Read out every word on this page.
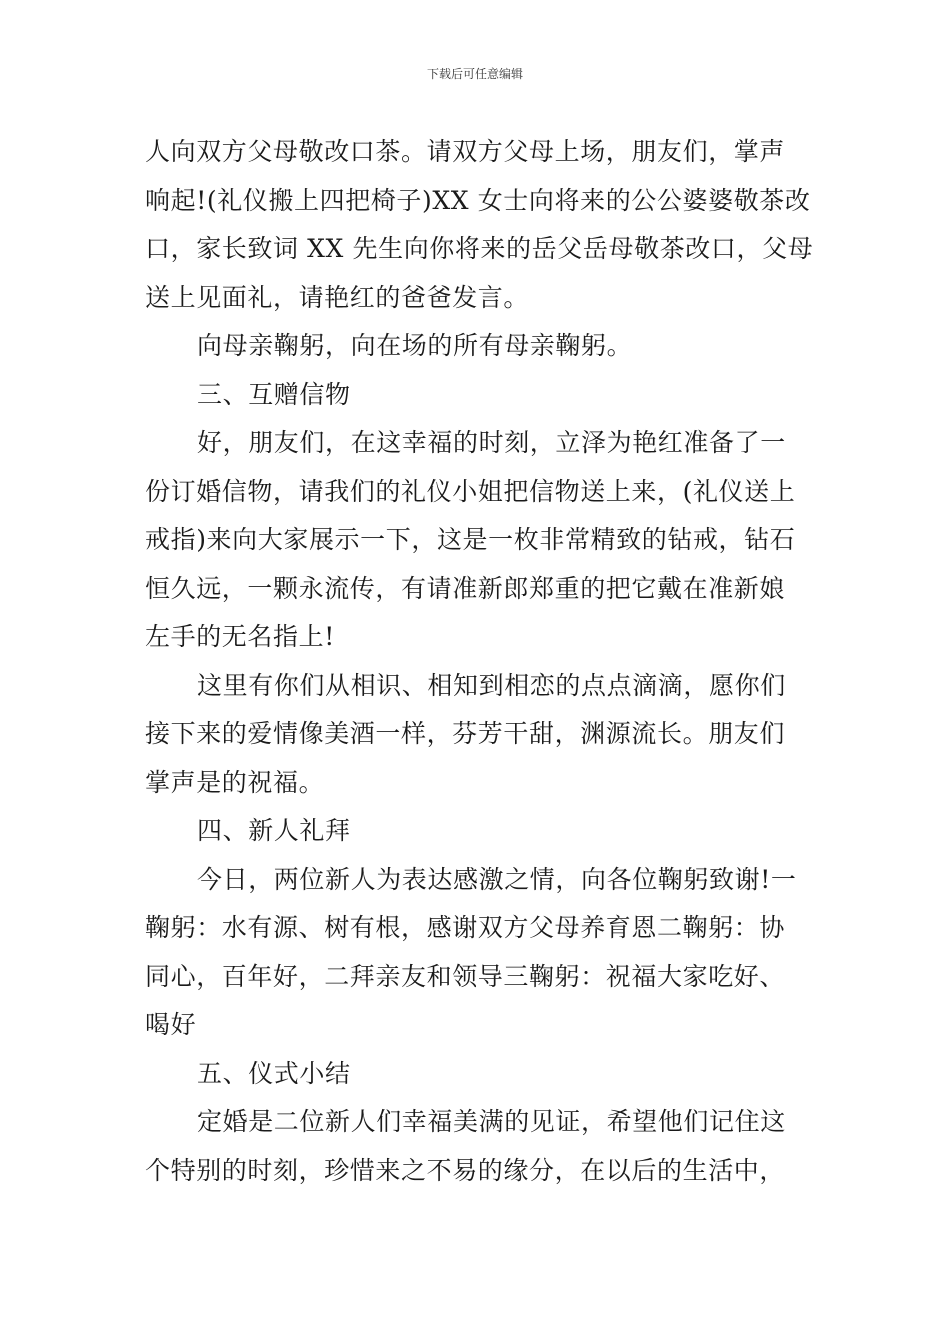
下载后可任意编辑

人向双方父母敬改口茶。请双方父母上场，朋友们，掌声
响起!(礼仪搬上四把椅子)XX 女士向将来的公公婆婆敬茶改
口，家长致词 XX 先生向你将来的岳父岳母敬茶改口，父母
送上见面礼，请艳红的爸爸发言。

向母亲鞠躬，向在场的所有母亲鞠躬。

三、互赠信物

好，朋友们，在这幸福的时刻，立泽为艳红准备了一
份订婚信物，请我们的礼仪小姐把信物送上来，(礼仪送上
戒指)来向大家展示一下，这是一枚非常精致的钻戒，钻石
恒久远，一颗永流传，有请准新郎郑重的把它戴在准新娘
左手的无名指上!

这里有你们从相识、相知到相恋的点点滴滴，愿你们
接下来的爱情像美酒一样，芬芳干甜，渊源流长。朋友们
掌声是的祝福。

四、新人礼拜

今日，两位新人为表达感激之情，向各位鞠躬致谢!一
鞠躬：水有源、树有根，感谢双方父母养育恩二鞠躬：协
同心，百年好，二拜亲友和领导三鞠躬：祝福大家吃好、
喝好

五、仪式小结

定婚是二位新人们幸福美满的见证，希望他们记住这
个特别的时刻，珍惜来之不易的缘分，在以后的生活中，
